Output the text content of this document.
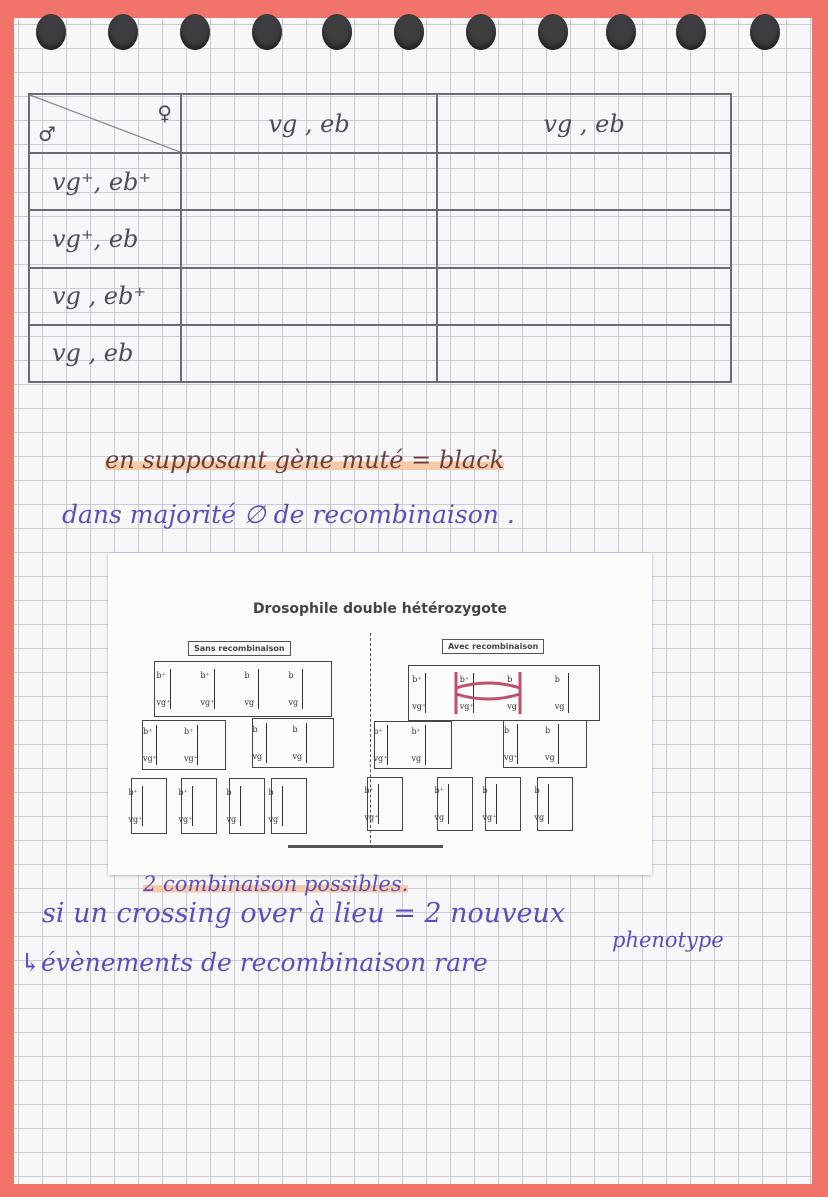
♂
♀	vg , eb	vg , eb
vg⁺, eb⁺		
vg⁺, eb		
vg , eb⁺		
vg , eb		
en supposant gène muté = black
dans majorité ∅ de recombinaison .
Drosophile double hétérozygote
Sans recombinaison	Avec recombinaison
b⁺
vg⁺
b⁺
vg⁺
b
vg
b
vg
b⁺
vg⁺
b⁺
vg⁺
b
vg
b
vg
b⁺
vg⁺
b⁺
vg⁺
b
vg
b
vg
b⁺
vg⁺
b⁺
vg
b
vg⁺
b
vg
b⁺
vg⁺
b⁺
vg⁺
b
vg
b
vg
b⁺
vg⁺
b⁺
vg
b
vg⁺
b
vg
2 combinaison possibles.
si un crossing over à lieu = 2 nouveux
phenotype
↳évènements de recombinaison rare
